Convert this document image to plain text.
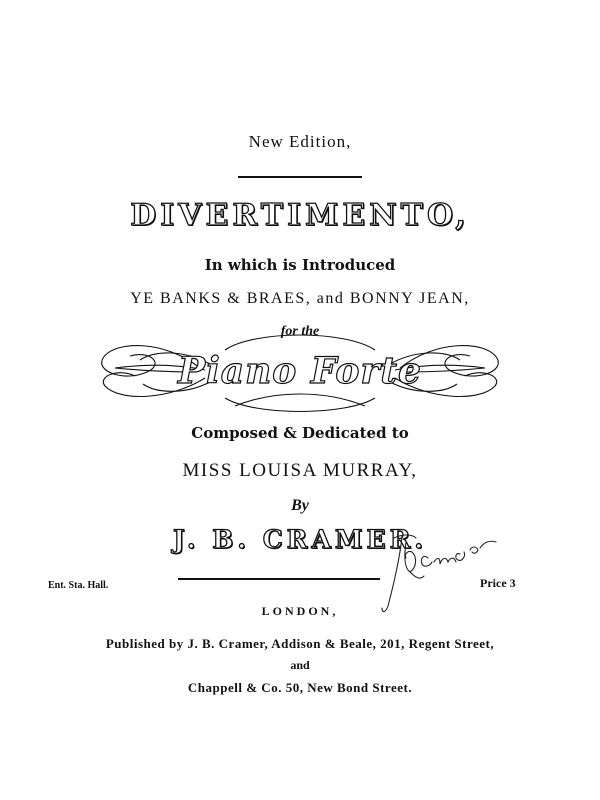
New Edition,
DIVERTIMENTO,
In which is Introduced
YE BANKS & BRAES, and BONNY JEAN,
for the
Piano Forte
Composed & Dedicated to
MISS LOUISA MURRAY,
By
J. B. CRAMER.
Ent. Sta. Hall.	Price 3
LONDON,
Published by J. B. Cramer, Addison & Beale, 201, Regent Street,
and
Chappell & Co. 50, New Bond Street.
